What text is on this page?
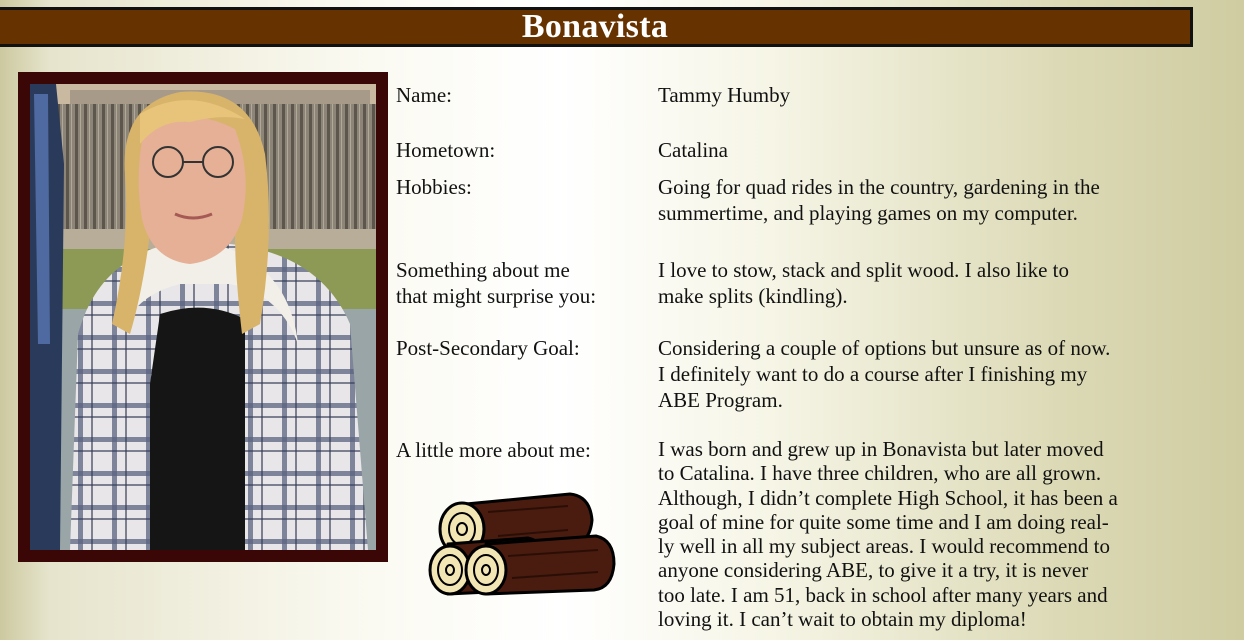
Bonavista
Name:	Tammy Humby
Hometown:	Catalina
Hobbies:	Going for quad rides in the country, gardening in the
summertime, and playing games on my computer.
Something about me
that might surprise you:
I love to stow, stack and split wood. I also like to
make splits (kindling).
Post-Secondary Goal:	Considering a couple of options but unsure as of now.
I definitely want to do a course after I finishing my
ABE Program.
A little more about me:	I was born and grew up in Bonavista but later moved
to Catalina. I have three children, who are all grown.
Although, I didn’t complete High School, it has been a
goal of mine for quite some time and I am doing real-
ly well in all my subject areas. I would recommend to
anyone considering ABE, to give it a try, it is never
too late. I am 51, back in school after many years and
loving it. I can’t wait to obtain my diploma!
